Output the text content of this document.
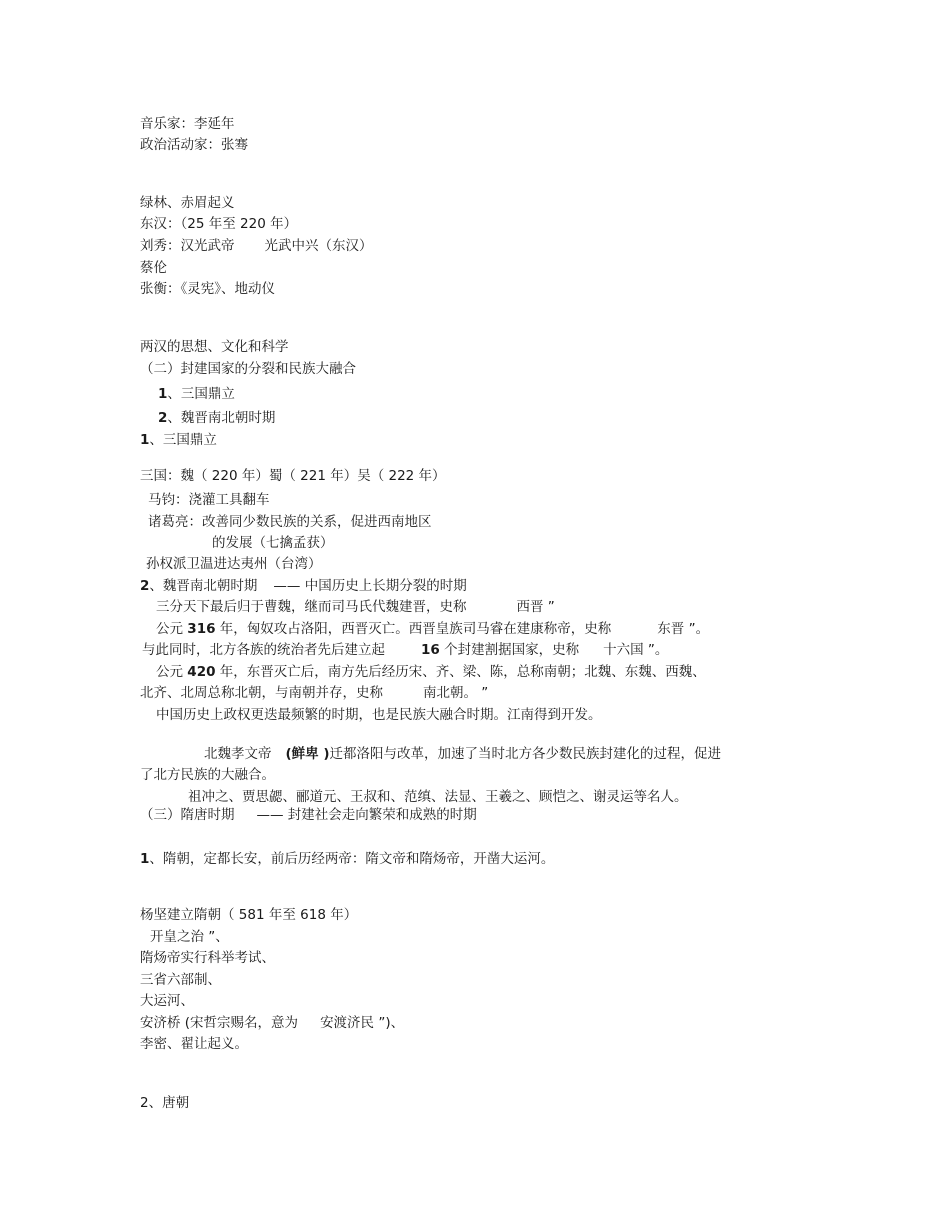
音乐家：李延年
政治活动家：张骞
绿林、赤眉起义
东汉：（25 年至 220 年）
刘秀：汉光武帝 光武中兴（东汉）
蔡伦
张衡：《灵宪》、地动仪
两汉的思想、文化和科学
（二）封建国家的分裂和民族大融合
1、三国鼎立
2、魏晋南北朝时期
1、三国鼎立
三国：魏（ 220 年）蜀（ 221 年）吴（ 222 年）
马钧：浇灌工具翻车
诸葛亮：改善同少数民族的关系，促进西南地区
的发展（七擒孟获）
孙权派卫温进达夷州（台湾）
2、魏晋南北朝时期 —— 中国历史上长期分裂的时期
三分天下最后归于曹魏，继而司马氏代魏建晋，史称	西晋 ”
公元 316 年，匈奴攻占洛阳，西晋灭亡。西晋皇族司马睿在建康称帝，史称	东晋 ”。
与此同时，北方各族的统治者先后建立起	16 个封建割据国家，史称 十六国 ”。
公元 420 年，东晋灭亡后，南方先后经历宋、齐、梁、陈，总称南朝；北魏、东魏、西魏、
北齐、北周总称北朝，与南朝并存，史称	南北朝。 ”
中国历史上政权更迭最频繁的时期，也是民族大融合时期。江南得到开发。
北魏孝文帝 (鲜卑 )迁都洛阳与改革，加速了当时北方各少数民族封建化的过程，促进
了北方民族的大融合。
祖冲之、贾思勰、郦道元、王叔和、范缜、法显、王羲之、顾恺之、谢灵运等名人。
（三）隋唐时期 —— 封建社会走向繁荣和成熟的时期
1、隋朝，定都长安，前后历经两帝：隋文帝和隋炀帝，开凿大运河。
杨坚建立隋朝（ 581 年至 618 年）
开皇之治 ”、
隋炀帝实行科举考试、
三省六部制、
大运河、
安济桥 (宋哲宗赐名，意为 安渡济民 ”)、
李密、翟让起义。
2、唐朝
